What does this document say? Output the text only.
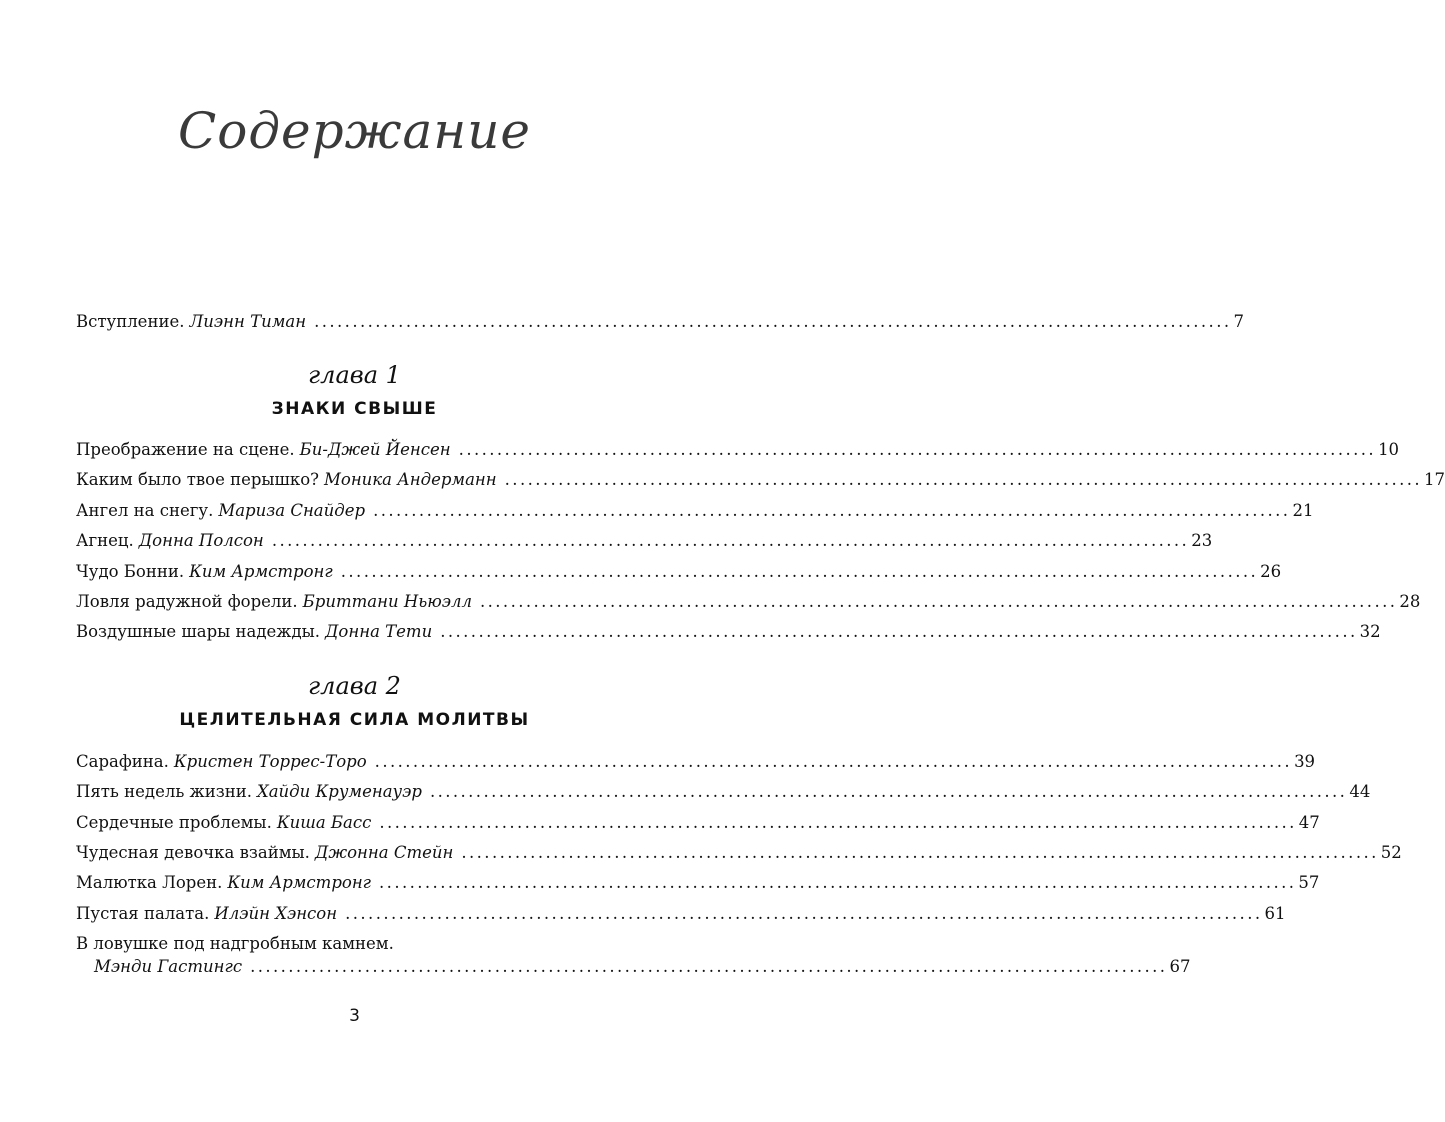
Содержание
Вступление. Лиэнн Тиман ........................................................................................................................ 7
глава 1
ЗНАКИ СВЫШЕ
Преображение на сцене. Би-Джей Йенсен ........................................................................................................................ 10
Каким было твое перышко? Моника Андерманн ........................................................................................................................ 17
Ангел на снегу. Мариза Снайдер ........................................................................................................................ 21
Агнец. Донна Полсон ........................................................................................................................ 23
Чудо Бонни. Ким Армстронг ........................................................................................................................ 26
Ловля радужной форели. Бриттани Ньюэлл ........................................................................................................................ 28
Воздушные шары надежды. Донна Тети ........................................................................................................................ 32
глава 2
ЦЕЛИТЕЛЬНАЯ СИЛА МОЛИТВЫ
Сарафина. Кристен Торрес-Торо ........................................................................................................................ 39
Пять недель жизни. Хайди Круменауэр ........................................................................................................................ 44
Сердечные проблемы. Киша Басс ........................................................................................................................ 47
Чудесная девочка взаймы. Джонна Стейн ........................................................................................................................ 52
Малютка Лорен. Ким Армстронг ........................................................................................................................ 57
Пустая палата. Илэйн Хэнсон ........................................................................................................................ 61
В ловушке под надгробным камнем.
Мэнди Гастингс ........................................................................................................................ 67
3
